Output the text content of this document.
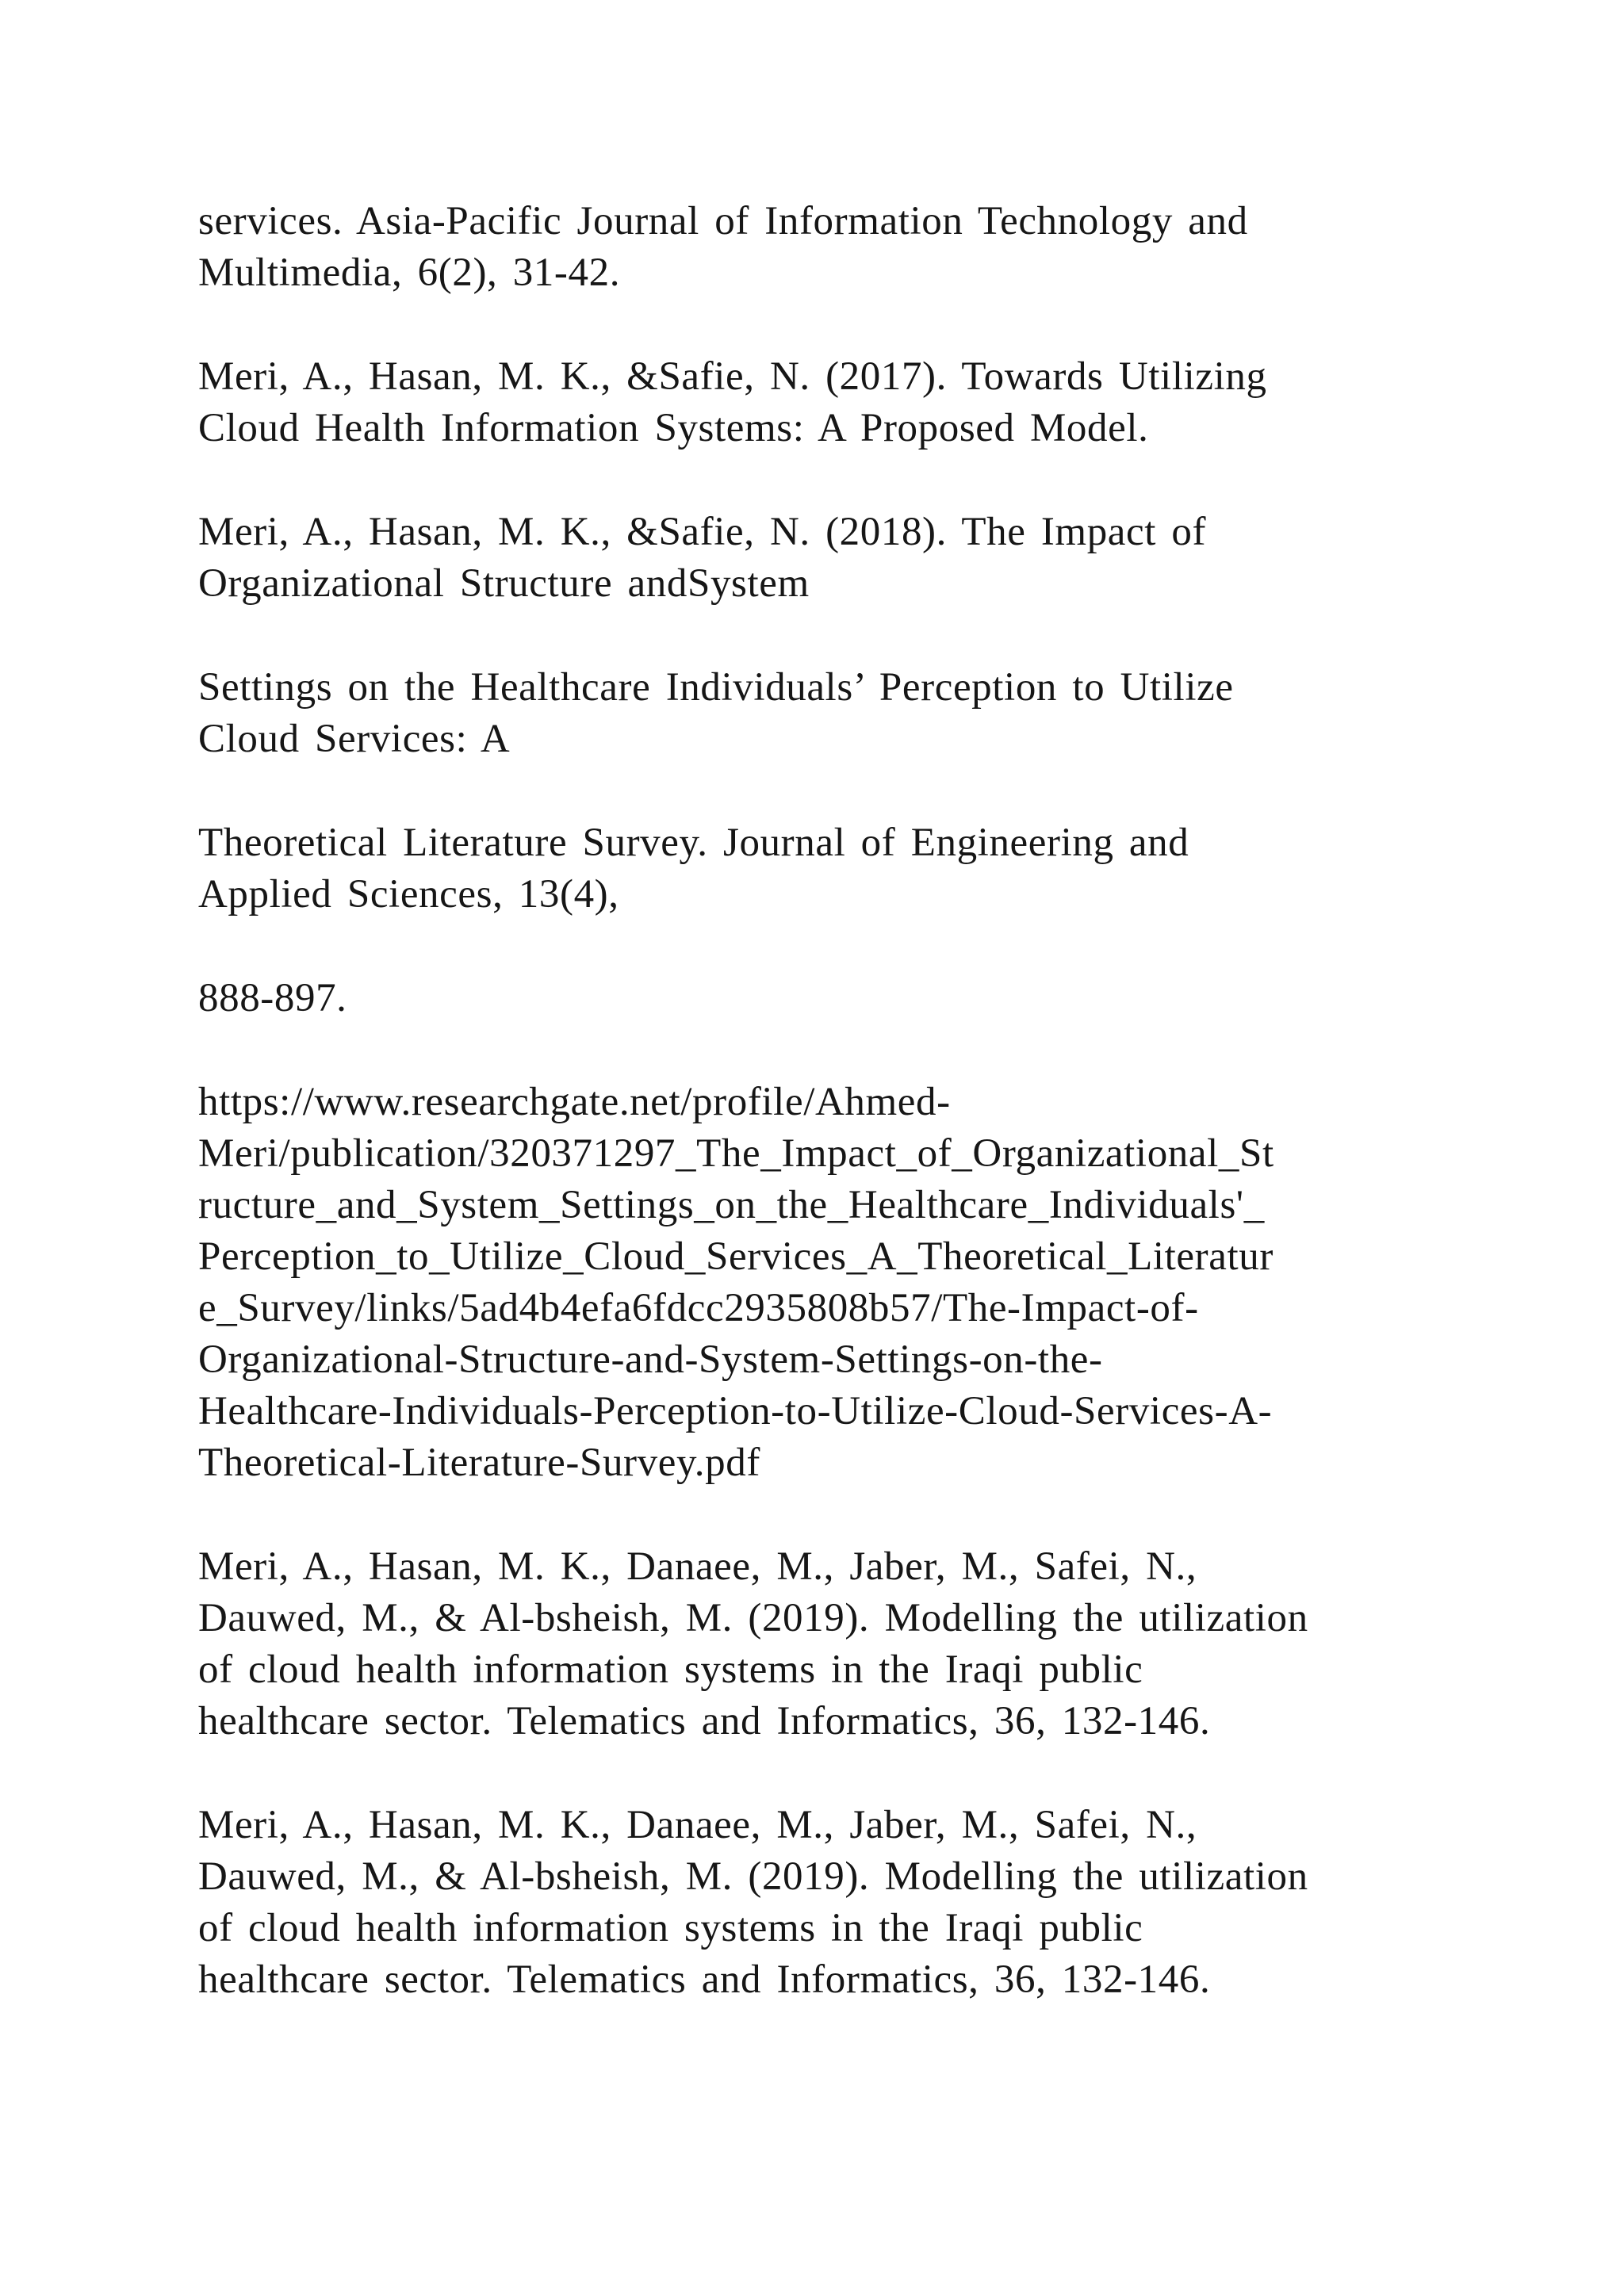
services. Asia-Pacific Journal of Information Technology and
Multimedia, 6(2), 31-42.

Meri, A., Hasan, M. K., &Safie, N. (2017). Towards Utilizing
Cloud Health Information Systems: A Proposed Model.

Meri, A., Hasan, M. K., &Safie, N. (2018). The Impact of
Organizational Structure andSystem

Settings on the Healthcare Individuals’ Perception to Utilize
Cloud Services: A

Theoretical Literature Survey. Journal of Engineering and
Applied Sciences, 13(4),

888-897.

https://www.researchgate.net/profile/Ahmed-
Meri/publication/320371297_The_Impact_of_Organizational_St
ructure_and_System_Settings_on_the_Healthcare_Individuals'_
Perception_to_Utilize_Cloud_Services_A_Theoretical_Literatur
e_Survey/links/5ad4b4efa6fdcc2935808b57/The-Impact-of-
Organizational-Structure-and-System-Settings-on-the-
Healthcare-Individuals-Perception-to-Utilize-Cloud-Services-A-
Theoretical-Literature-Survey.pdf

Meri, A., Hasan, M. K., Danaee, M., Jaber, M., Safei, N.,
Dauwed, M., & Al-bsheish, M. (2019). Modelling the utilization
of cloud health information systems in the Iraqi public
healthcare sector. Telematics and Informatics, 36, 132-146.

Meri, A., Hasan, M. K., Danaee, M., Jaber, M., Safei, N.,
Dauwed, M., & Al-bsheish, M. (2019). Modelling the utilization
of cloud health information systems in the Iraqi public
healthcare sector. Telematics and Informatics, 36, 132-146.
